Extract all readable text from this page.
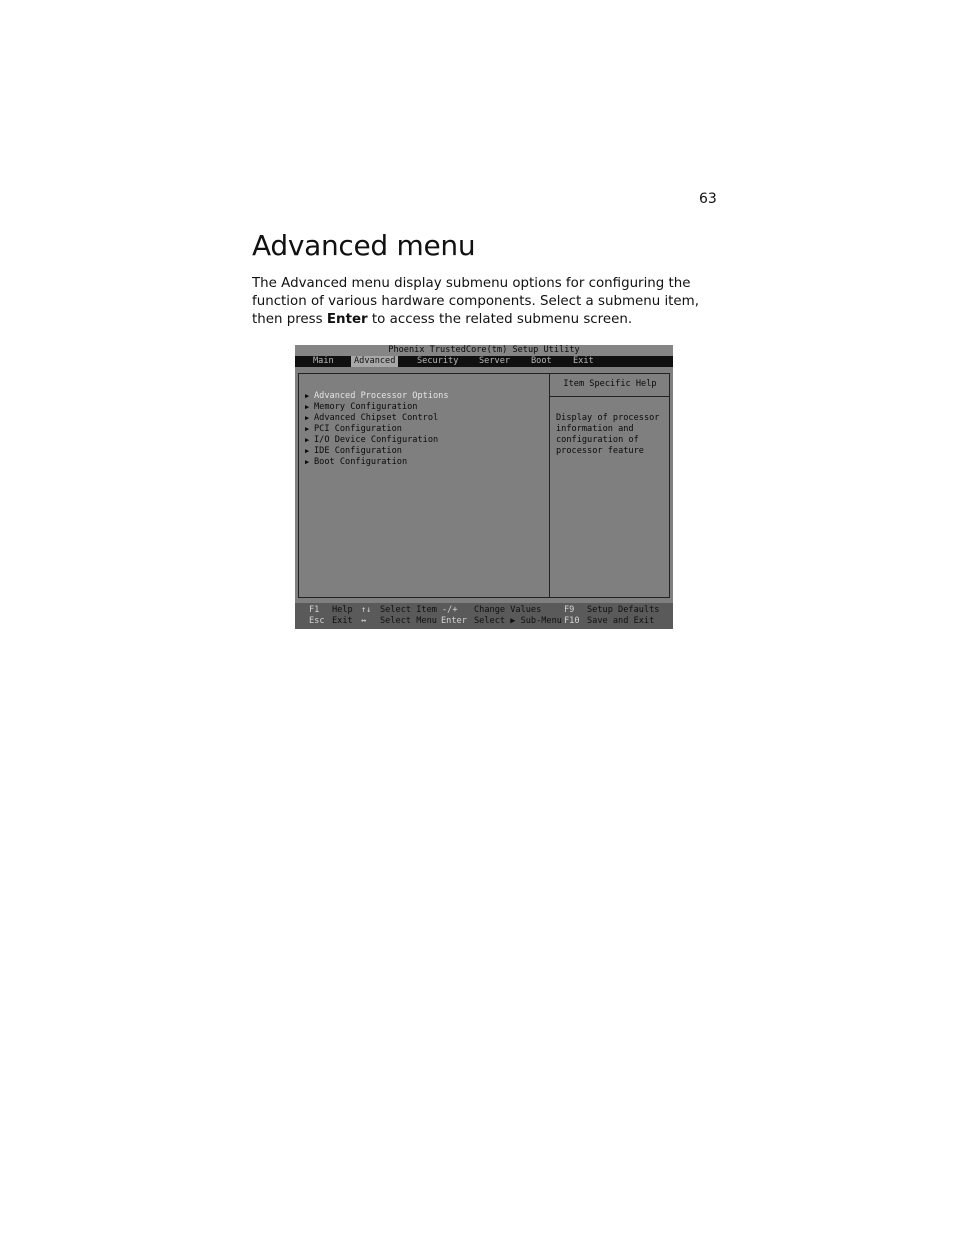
63
Advanced menu

The Advanced menu display submenu options for configuring the function of various hardware components. Select a submenu item, then press Enter to access the related submenu screen.

Phoenix TrustedCore(tm) Setup Utility
Main	Advanced	Security Server Boot Exit
▶ Advanced Processor Options
▶ Memory Configuration
▶ Advanced Chipset Control
▶ PCI Configuration
▶ I/O Device Configuration
▶ IDE Configuration
▶ Boot Configuration
Item Specific Help
Display of processor
information and
configuration of
processor feature
F1 Help ↑↓ Select Item -/+ Change Values	F9 Setup Defaults
Esc Exit ↔ Select Menu Enter Select ▶ Sub-Menu F10 Save and Exit
